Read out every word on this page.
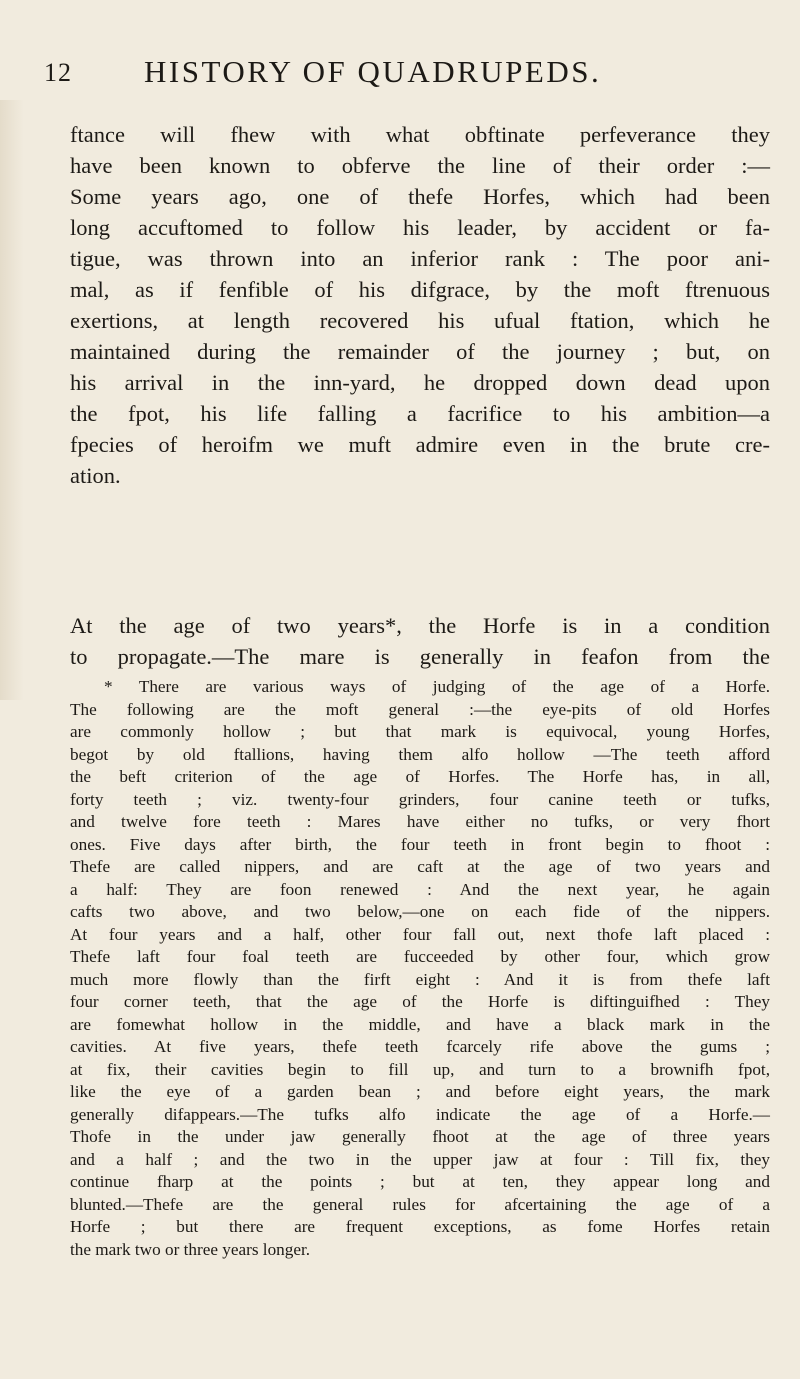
12 HISTORY OF QUADRUPEDS.
ftance will fhew with what obftinate perfeverance they
have been known to obferve the line of their order :—
Some years ago, one of thefe Horfes, which had been
long accuftomed to follow his leader, by accident or fa-
tigue, was thrown into an inferior rank : The poor ani-
mal, as if fenfible of his difgrace, by the moft ftrenuous
exertions, at length recovered his ufual ftation, which he
maintained during the remainder of the journey ; but, on
his arrival in the inn-yard, he dropped down dead upon
the fpot, his life falling a facrifice to his ambition—a
fpecies of heroifm we muft admire even in the brute cre-
ation.
At the age of two years*, the Horfe is in a condition
to propagate.—The mare is generally in feafon from the
* There are various ways of judging of the age of a Horfe.
The following are the moft general :—the eye-pits of old Horfes
are commonly hollow ; but that mark is equivocal, young Horfes,
begot by old ftallions, having them alfo hollow —The teeth afford
the beft criterion of the age of Horfes. The Horfe has, in all,
forty teeth ; viz. twenty-four grinders, four canine teeth or tufks,
and twelve fore teeth : Mares have either no tufks, or very fhort
ones. Five days after birth, the four teeth in front begin to fhoot :
Thefe are called nippers, and are caft at the age of two years and
a half: They are foon renewed : And the next year, he again
cafts two above, and two below,—one on each fide of the nippers.
At four years and a half, other four fall out, next thofe laft placed :
Thefe laft four foal teeth are fucceeded by other four, which grow
much more flowly than the firft eight : And it is from thefe laft
four corner teeth, that the age of the Horfe is diftinguifhed : They
are fomewhat hollow in the middle, and have a black mark in the
cavities. At five years, thefe teeth fcarcely rife above the gums ;
at fix, their cavities begin to fill up, and turn to a brownifh fpot,
like the eye of a garden bean ; and before eight years, the mark
generally difappears.—The tufks alfo indicate the age of a Horfe.—
Thofe in the under jaw generally fhoot at the age of three years
and a half ; and the two in the upper jaw at four : Till fix, they
continue fharp at the points ; but at ten, they appear long and
blunted.—Thefe are the general rules for afcertaining the age of a
Horfe ; but there are frequent exceptions, as fome Horfes retain
the mark two or three years longer.
